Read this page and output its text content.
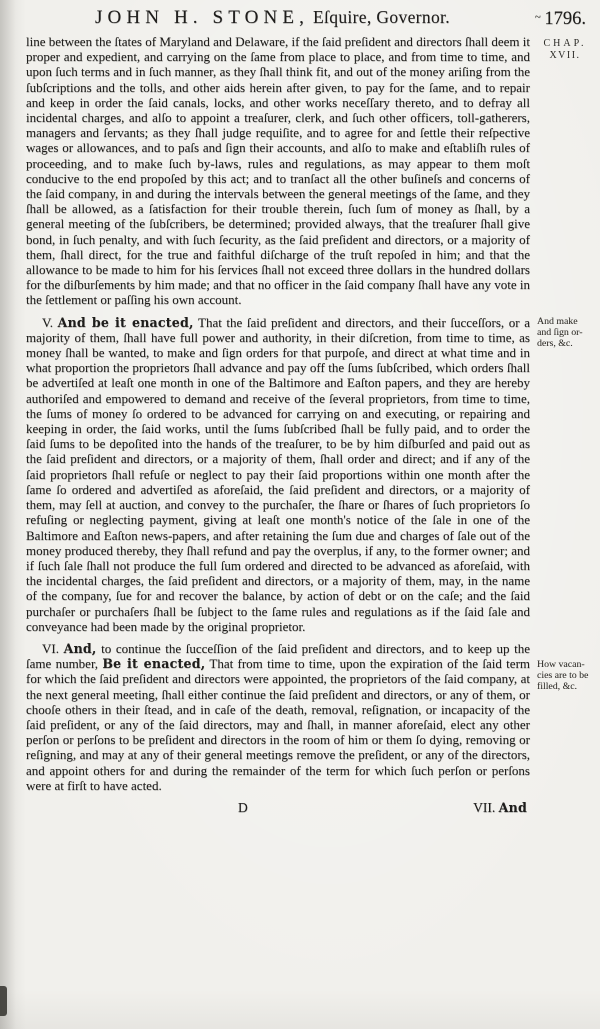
JOHN H. STONE, Eſquire, Governor.	~ 1796.
CHAP.
XVII.

line between the ſtates of Maryland and Delaware, if the ſaid preſident and directors ſhall deem it proper and expedient, and carrying on the ſame from place to place, and from time to time, and upon ſuch terms and in ſuch manner, as they ſhall think fit, and out of the money ariſing from the ſubſcriptions and the tolls, and other aids herein after given, to pay for the ſame, and to repair and keep in order the ſaid canals, locks, and other works neceſſary thereto, and to defray all incidental charges, and alſo to appoint a treaſurer, clerk, and ſuch other officers, toll-gatherers, managers and ſervants; as they ſhall judge requiſite, and to agree for and ſettle their reſpective wages or allowances, and to paſs and ſign their accounts, and alſo to make and eſtabliſh rules of proceeding, and to make ſuch by-laws, rules and regulations, as may appear to them moſt conducive to the end propoſed by this act; and to tranſact all the other buſineſs and concerns of the ſaid company, in and during the intervals between the general meetings of the ſame, and they ſhall be allowed, as a ſatisfaction for their trouble therein, ſuch ſum of money as ſhall, by a general meeting of the ſubſcribers, be determined; provided always, that the treaſurer ſhall give bond, in ſuch penalty, and with ſuch ſecurity, as the ſaid preſident and directors, or a majority of them, ſhall direct, for the true and faithful diſcharge of the truſt repoſed in him; and that the allowance to be made to him for his ſervices ſhall not exceed three dollars in the hundred dollars for the diſburſements by him made; and that no officer in the ſaid company ſhall have any vote in the ſettlement or paſſing his own account.

V. And be it enacted, That the ſaid preſident and directors, and their ſucceſſors, or a majority of them, ſhall have full power and authority, in their diſcretion, from time to time, as money ſhall be wanted, to make and ſign orders for that purpoſe, and direct at what time and in what proportion the proprietors ſhall advance and pay off the ſums ſubſcribed, which orders ſhall be advertiſed at leaſt one month in one of the Baltimore and Eaſton papers, and they are hereby authoriſed and empowered to demand and receive of the ſeveral proprietors, from time to time, the ſums of money ſo ordered to be advanced for carrying on and executing, or repairing and keeping in order, the ſaid works, until the ſums ſubſcribed ſhall be fully paid, and to order the ſaid ſums to be depoſited into the hands of the treaſurer, to be by him diſburſed and paid out as the ſaid preſident and directors, or a majority of them, ſhall order and direct; and if any of the ſaid proprietors ſhall refuſe or neglect to pay their ſaid proportions within one month after the ſame ſo ordered and advertiſed as aforeſaid, the ſaid preſident and directors, or a majority of them, may ſell at auction, and convey to the purchaſer, the ſhare or ſhares of ſuch proprietors ſo refuſing or neglecting payment, giving at leaſt one month's notice of the ſale in one of the Baltimore and Eaſton news-papers, and after retaining the ſum due and charges of ſale out of the money produced thereby, they ſhall refund and pay the overplus, if any, to the former owner; and if ſuch ſale ſhall not produce the full ſum ordered and directed to be advanced as aforeſaid, with the incidental charges, the ſaid preſident and directors, or a majority of them, may, in the name of the company, ſue for and recover the balance, by action of debt or on the caſe; and the ſaid purchaſer or purchaſers ſhall be ſubject to the ſame rules and regulations as if the ſaid ſale and conveyance had been made by the original proprietor.

And make
and ſign or-
ders, &c.

VI. And, to continue the ſucceſſion of the ſaid preſident and directors, and to keep up the ſame number, Be it enacted, That from time to time, upon the expiration of the ſaid term for which the ſaid preſident and directors were appointed, the proprietors of the ſaid company, at the next general meeting, ſhall either continue the ſaid preſident and directors, or any of them, or chooſe others in their ſtead, and in caſe of the death, removal, reſignation, or incapacity of the ſaid preſident, or any of the ſaid directors, may and ſhall, in manner aforeſaid, elect any other perſon or perſons to be preſident and directors in the room of him or them ſo dying, removing or reſigning, and may at any of their general meetings remove the preſident, or any of the directors, and appoint others for and during the remainder of the term for which ſuch perſon or perſons were at firſt to have acted.

How vacan-
cies are to be
filled, &c.
D	VII. And
